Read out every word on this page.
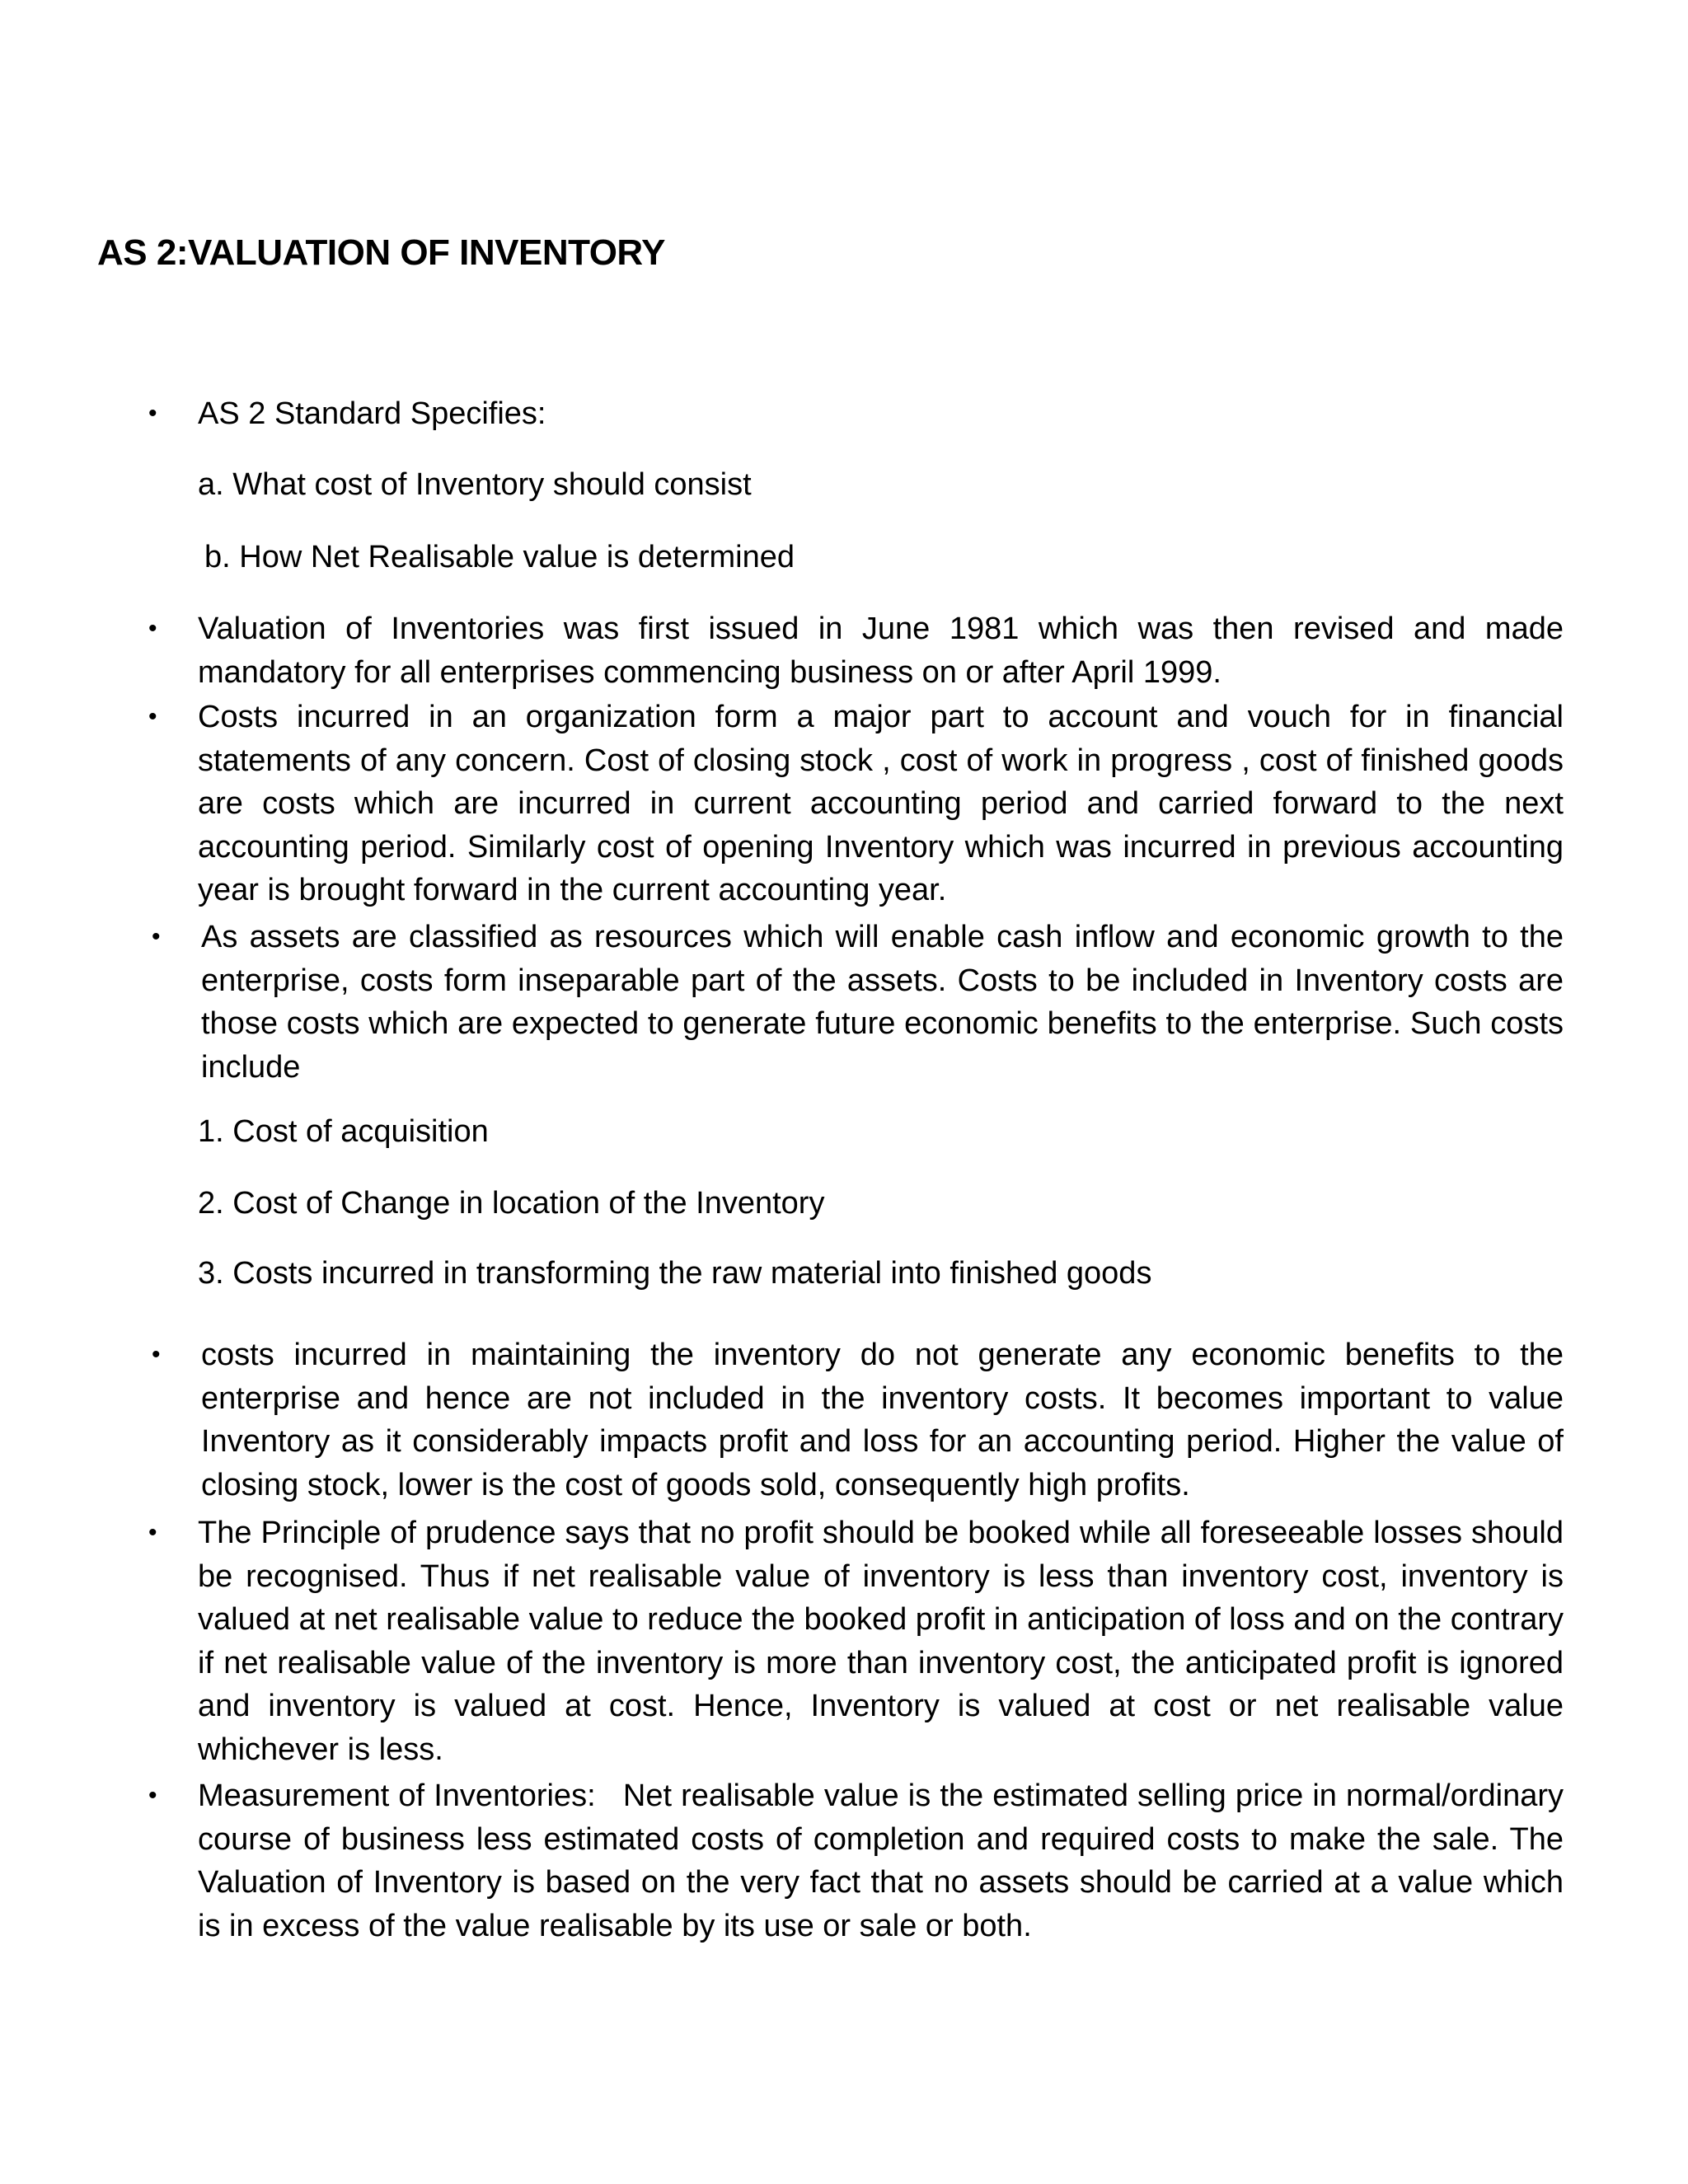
AS 2:VALUATION OF INVENTORY
• AS 2 Standard Specifies:
a. What cost of Inventory should consist
b. How Net Realisable value is determined
• Valuation of Inventories was first issued in June 1981 which was then revised and made mandatory for all enterprises commencing business on or after April 1999.
• Costs incurred in an organization form a major part to account and vouch for in financial statements of any concern. Cost of closing stock , cost of work in progress , cost of finished goods are costs which are incurred in current accounting period and carried forward to the next accounting period. Similarly cost of opening Inventory which was incurred in previous accounting year is brought forward in the current accounting year.
• As assets are classified as resources which will enable cash inflow and economic growth to the enterprise, costs form inseparable part of the assets. Costs to be included in Inventory costs are those costs which are expected to generate future economic benefits to the enterprise. Such costs include
1. Cost of acquisition
2. Cost of Change in location of the Inventory
3. Costs incurred in transforming the raw material into finished goods
• costs incurred in maintaining the inventory do not generate any economic benefits to the enterprise and hence are not included in the inventory costs. It becomes important to value Inventory as it considerably impacts profit and loss for an accounting period. Higher the value of closing stock, lower is the cost of goods sold, consequently high profits.
• The Principle of prudence says that no profit should be booked while all foreseeable losses should be recognised. Thus if net realisable value of inventory is less than inventory cost, inventory is valued at net realisable value to reduce the booked profit in anticipation of loss and on the contrary if net realisable value of the inventory is more than inventory cost, the anticipated profit is ignored and inventory is valued at cost. Hence, Inventory is valued at cost or net realisable value whichever is less.
• Measurement of Inventories:   Net realisable value is the estimated selling price in normal/ordinary course of business less estimated costs of completion and required costs to make the sale. The Valuation of Inventory is based on the very fact that no assets should be carried at a value which is in excess of the value realisable by its use or sale or both.
